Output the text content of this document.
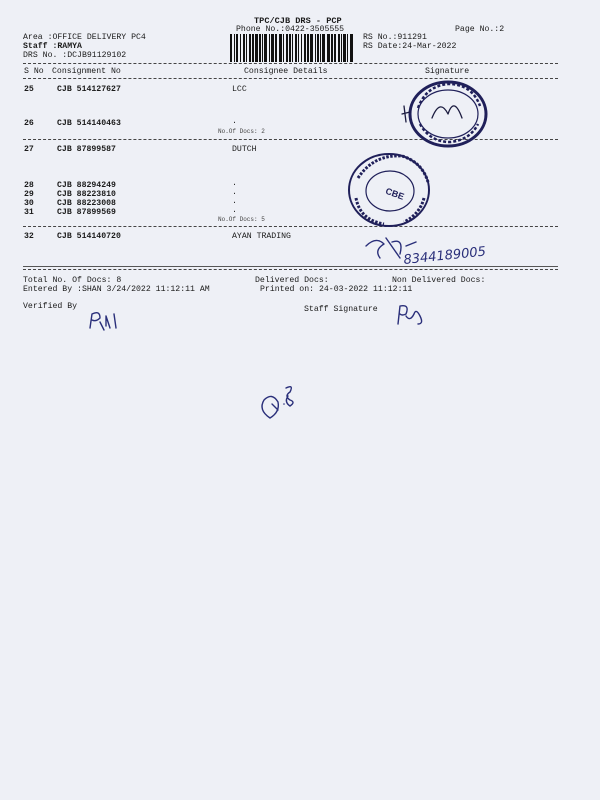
TPC/CJB DRS - PCP
Phone No.:0422-3505555	Page No.:2
Area :OFFICE DELIVERY PC4
Staff :RAMYA
DRS No. :DCJB91129102
RS No.:911291
RS Date:24-Mar-2022
S No Consignment No	Consignee Details	Signature
25	CJB 514127627	LCC
26	CJB 514140463	.
No.Of Docs: 2
27	CJB 87899587	DUTCH
28	CJB 88294249	.
29	CJB 88223810	.
30	CJB 88223008	.
31	CJB 87899569	.
No.Of Docs: 5
32	CJB 514140720	AYAN TRADING
Total No. Of Docs: 8	Delivered Docs:	Non Delivered Docs:
Entered By :SHAN 3/24/2022 11:12:11 AM	Printed on: 24-03-2022 11:12:11
Verified By	Staff Signature
CBE
8344189005
